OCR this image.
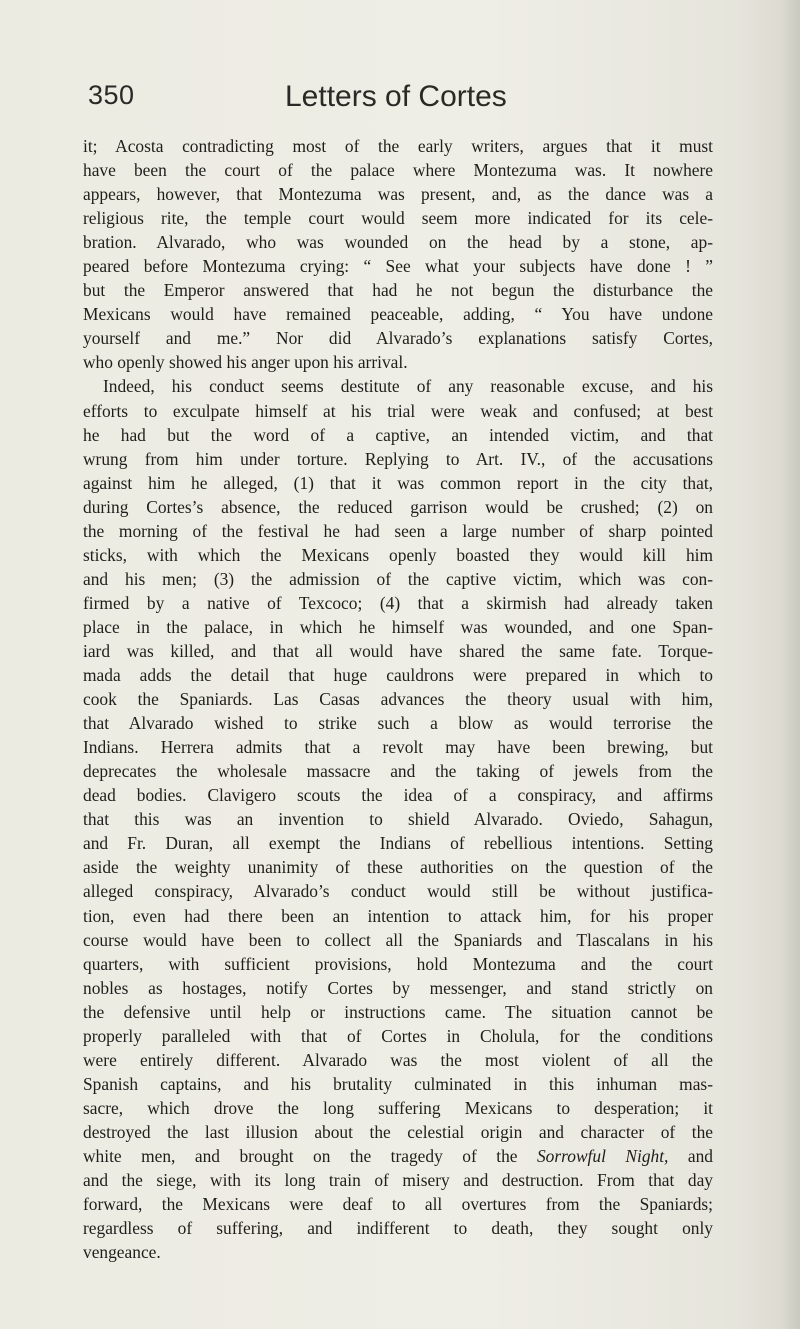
350	Letters of Cortes
it; Acosta contradicting most of the early writers, argues that it must
have been the court of the palace where Montezuma was. It nowhere
appears, however, that Montezuma was present, and, as the dance was a
religious rite, the temple court would seem more indicated for its cele-
bration. Alvarado, who was wounded on the head by a stone, ap-
peared before Montezuma crying: “ See what your subjects have done ! ”
but the Emperor answered that had he not begun the disturbance the
Mexicans would have remained peaceable, adding, “ You have undone
yourself and me.” Nor did Alvarado’s explanations satisfy Cortes,
who openly showed his anger upon his arrival.
Indeed, his conduct seems destitute of any reasonable excuse, and his
efforts to exculpate himself at his trial were weak and confused; at best
he had but the word of a captive, an intended victim, and that
wrung from him under torture. Replying to Art. IV., of the accusations
against him he alleged, (1) that it was common report in the city that,
during Cortes’s absence, the reduced garrison would be crushed; (2) on
the morning of the festival he had seen a large number of sharp pointed
sticks, with which the Mexicans openly boasted they would kill him
and his men; (3) the admission of the captive victim, which was con-
firmed by a native of Texcoco; (4) that a skirmish had already taken
place in the palace, in which he himself was wounded, and one Span-
iard was killed, and that all would have shared the same fate. Torque-
mada adds the detail that huge cauldrons were prepared in which to
cook the Spaniards. Las Casas advances the theory usual with him,
that Alvarado wished to strike such a blow as would terrorise the
Indians. Herrera admits that a revolt may have been brewing, but
deprecates the wholesale massacre and the taking of jewels from the
dead bodies. Clavigero scouts the idea of a conspiracy, and affirms
that this was an invention to shield Alvarado. Oviedo, Sahagun,
and Fr. Duran, all exempt the Indians of rebellious intentions. Setting
aside the weighty unanimity of these authorities on the question of the
alleged conspiracy, Alvarado’s conduct would still be without justifica-
tion, even had there been an intention to attack him, for his proper
course would have been to collect all the Spaniards and Tlascalans in his
quarters, with sufficient provisions, hold Montezuma and the court
nobles as hostages, notify Cortes by messenger, and stand strictly on
the defensive until help or instructions came. The situation cannot be
properly paralleled with that of Cortes in Cholula, for the conditions
were entirely different. Alvarado was the most violent of all the
Spanish captains, and his brutality culminated in this inhuman mas-
sacre, which drove the long suffering Mexicans to desperation; it
destroyed the last illusion about the celestial origin and character of the
white men, and brought on the tragedy of the Sorrowful Night, and
and the siege, with its long train of misery and destruction. From that day
forward, the Mexicans were deaf to all overtures from the Spaniards;
regardless of suffering, and indifferent to death, they sought only
vengeance.
